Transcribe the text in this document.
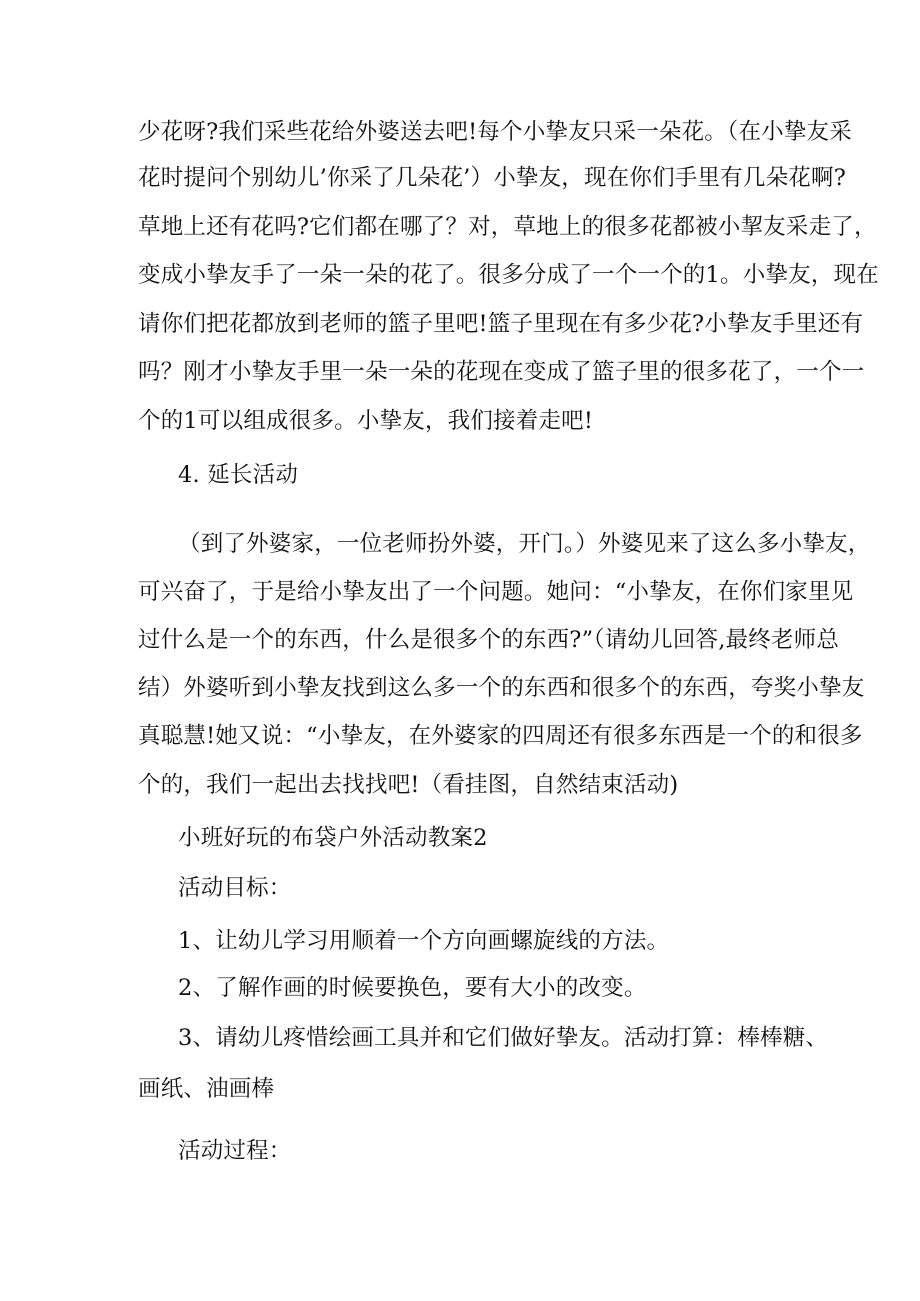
少花呀?我们采些花给外婆送去吧!每个小挚友只采一朵花。（在小挚友采
花时提问个别幼儿’你采了几朵花’）小挚友，现在你们手里有几朵花啊?
草地上还有花吗?它们都在哪了？对，草地上的很多花都被小挈友采走了，
变成小挚友手了一朵一朵的花了。很多分成了一个一个的1。小挚友，现在
请你们把花都放到老师的篮子里吧!篮子里现在有多少花?小挚友手里还有
吗？刚才小挚友手里一朵一朵的花现在变成了篮子里的很多花了，一个一
个的1可以组成很多。小挚友，我们接着走吧!
4. 延长活动
（到了外婆家，一位老师扮外婆，开门。）外婆见来了这么多小挚友，
可兴奋了，于是给小挚友出了一个问题。她问：“小挚友，在你们家里见
过什么是一个的东西，什么是很多个的东西?”（请幼儿回答,最终老师总
结）外婆听到小挚友找到这么多一个的东西和很多个的东西，夸奖小挚友
真聪慧!她又说：“小挚友，在外婆家的四周还有很多东西是一个的和很多
个的，我们一起出去找找吧!（看挂图，自然结束活动)
小班好玩的布袋户外活动教案2
活动目标：
1、让幼儿学习用顺着一个方向画螺旋线的方法。
2、了解作画的时候要换色，要有大小的改变。
3、请幼儿疼惜绘画工具并和它们做好挚友。活动打算：棒棒糖、
画纸、油画棒
活动过程：
